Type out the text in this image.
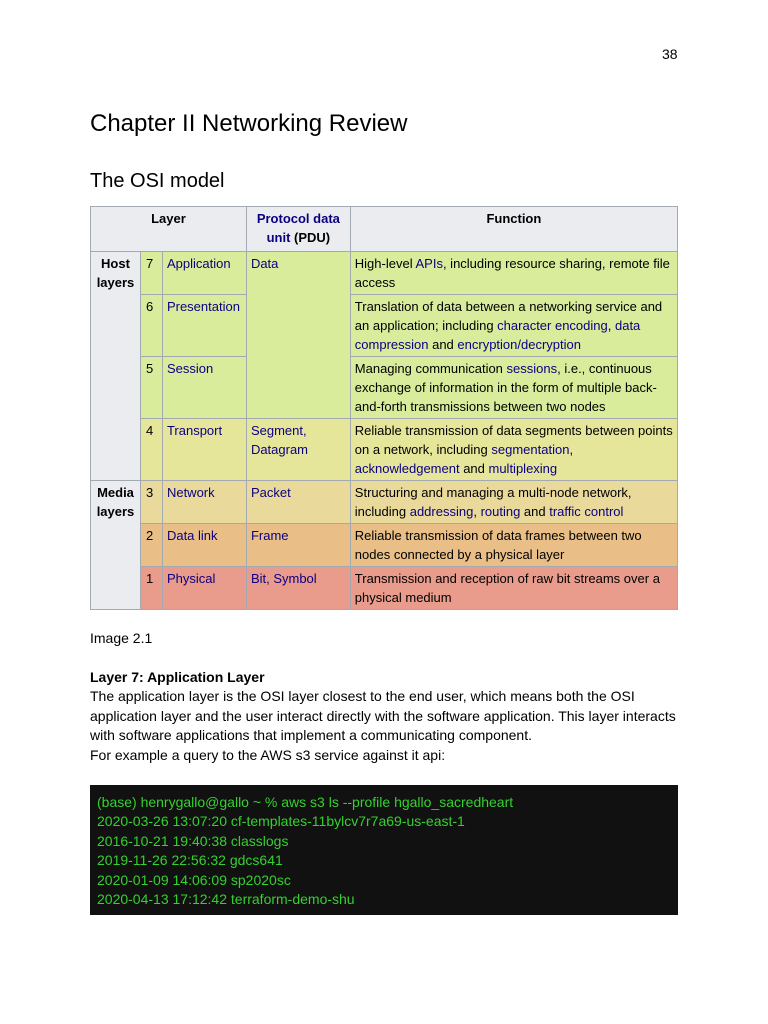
38
Chapter II Networking Review
The OSI model
Layer			Protocol data unit (PDU)	Function
Host layers	7	Application	Data	High-level APIs, including resource sharing, remote file access
	6	Presentation		Translation of data between a networking service and an application; including character encoding, data compression and encryption/decryption
	5	Session		Managing communication sessions, i.e., continuous exchange of information in the form of multiple back-and-forth transmissions between two nodes
	4	Transport	Segment, Datagram	Reliable transmission of data segments between points on a network, including segmentation, acknowledgement and multiplexing
Media layers	3	Network	Packet	Structuring and managing a multi-node network, including addressing, routing and traffic control
	2	Data link	Frame	Reliable transmission of data frames between two nodes connected by a physical layer
	1	Physical	Bit, Symbol	Transmission and reception of raw bit streams over a physical medium
Image 2.1
Layer 7: Application Layer
The application layer is the OSI layer closest to the end user, which means both the OSI application layer and the user interact directly with the software application. This layer interacts with software applications that implement a communicating component.
For example a query to the AWS s3 service against it api:
(base) henrygallo@gallo ~ % aws s3 ls --profile hgallo_sacredheart
2020-03-26 13:07:20 cf-templates-11bylcv7r7a69-us-east-1
2016-10-21 19:40:38 classlogs
2019-11-26 22:56:32 gdcs641
2020-01-09 14:06:09 sp2020sc
2020-04-13 17:12:42 terraform-demo-shu
